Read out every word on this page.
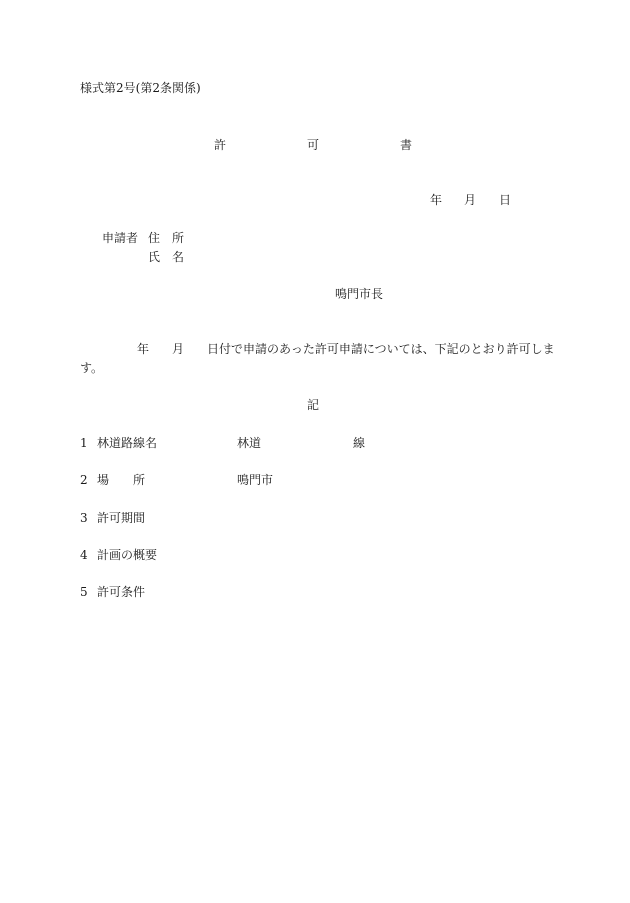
様式第2号(第2条関係)
許	可	書
年 月 日
申請者 住　所
氏　名
鳴門市長
年 月 日付で申請のあった許可申請については、下記のとおり許可しま
す。
記
1 林道路線名	林道	線
2 場　　所	鳴門市
3 許可期間
4 計画の概要
5 許可条件
